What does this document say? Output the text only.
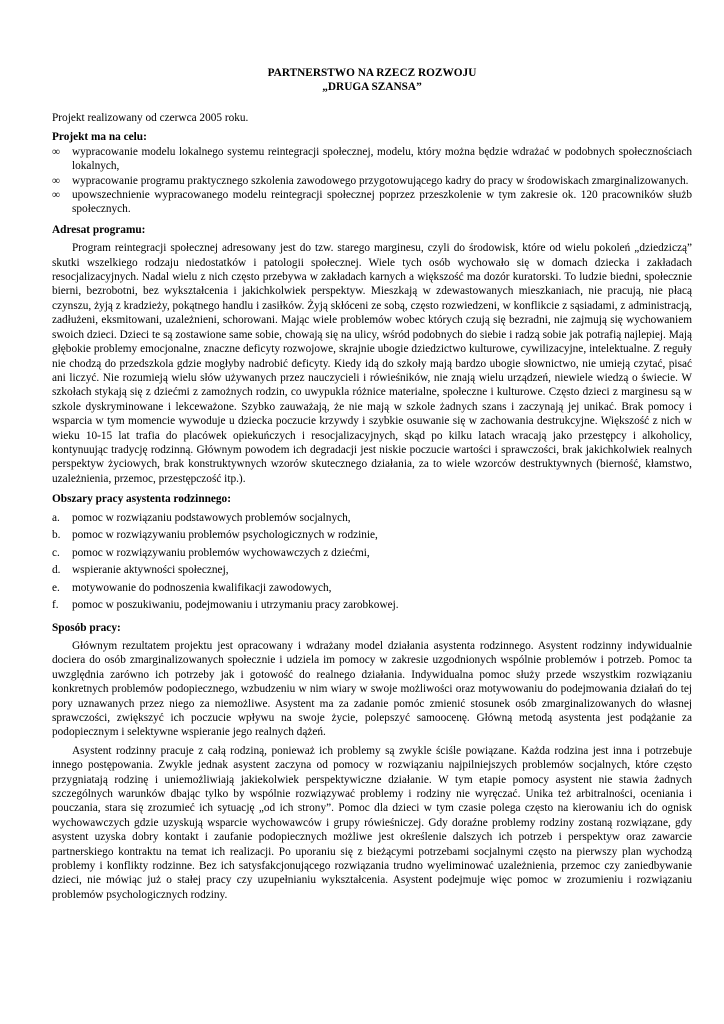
PARTNERSTWO NA RZECZ ROZWOJU
„DRUGA SZANSA”

Projekt realizowany od czerwca 2005 roku.

Projekt ma na celu:

∞ wypracowanie modelu lokalnego systemu reintegracji społecznej, modelu, który można będzie wdrażać w podobnych społecznościach lokalnych,
∞ wypracowanie programu praktycznego szkolenia zawodowego przygotowującego kadry do pracy w środowiskach zmarginalizowanych.
∞ upowszechnienie wypracowanego modelu reintegracji społecznej poprzez przeszkolenie w tym zakresie ok. 120 pracowników służb społecznych.

Adresat programu:

Program reintegracji społecznej adresowany jest do tzw. starego marginesu, czyli do środowisk, które od wielu pokoleń „dziedziczą” skutki wszelkiego rodzaju niedostatków i patologii społecznej. Wiele tych osób wychowało się w domach dziecka i zakładach resocjalizacyjnych. Nadal wielu z nich często przebywa w zakładach karnych a większość ma dozór kuratorski. To ludzie biedni, społecznie bierni, bezrobotni, bez wykształcenia i jakichkolwiek perspektyw. Mieszkają w zdewastowanych mieszkaniach, nie pracują, nie płacą czynszu, żyją z kradzieży, pokątnego handlu i zasiłków. Żyją skłóceni ze sobą, często rozwiedzeni, w konflikcie z sąsiadami, z administracją, zadłużeni, eksmitowani, uzależnieni, schorowani. Mając wiele problemów wobec których czują się bezradni, nie zajmują się wychowaniem swoich dzieci. Dzieci te są zostawione same sobie, chowają się na ulicy, wśród podobnych do siebie i radzą sobie jak potrafią najlepiej. Mają głębokie problemy emocjonalne, znaczne deficyty rozwojowe, skrajnie ubogie dziedzictwo kulturowe, cywilizacyjne, intelektualne. Z reguły nie chodzą do przedszkola gdzie mogłyby nadrobić deficyty. Kiedy idą do szkoły mają bardzo ubogie słownictwo, nie umieją czytać, pisać ani liczyć. Nie rozumieją wielu słów używanych przez nauczycieli i rówieśników, nie znają wielu urządzeń, niewiele wiedzą o świecie. W szkołach stykają się z dziećmi z zamożnych rodzin, co uwypukla różnice materialne, społeczne i kulturowe. Często dzieci z marginesu są w szkole dyskryminowane i lekceważone. Szybko zauważają, że nie mają w szkole żadnych szans i zaczynają jej unikać. Brak pomocy i wsparcia w tym momencie wywoduje u dziecka poczucie krzywdy i szybkie osuwanie się w zachowania destrukcyjne. Większość z nich w wieku 10-15 lat trafia do placówek opiekuńczych i resocjalizacyjnych, skąd po kilku latach wracają jako przestępcy i alkoholicy, kontynuując tradycję rodzinną. Głównym powodem ich degradacji jest niskie poczucie wartości i sprawczości, brak jakichkolwiek realnych perspektyw życiowych, brak konstruktywnych wzorów skutecznego działania, za to wiele wzorców destruktywnych (bierność, kłamstwo, uzależnienia, przemoc, przestępczość itp.).

Obszary pracy asystenta rodzinnego:

a. pomoc w rozwiązaniu podstawowych problemów socjalnych,
b. pomoc w rozwiązywaniu problemów psychologicznych w rodzinie,
c. pomoc w rozwiązywaniu problemów wychowawczych z dziećmi,
d. wspieranie aktywności społecznej,
e. motywowanie do podnoszenia kwalifikacji zawodowych,
f. pomoc w poszukiwaniu, podejmowaniu i utrzymaniu pracy zarobkowej.

Sposób pracy:

Głównym rezultatem projektu jest opracowany i wdrażany model działania asystenta rodzinnego. Asystent rodzinny indywidualnie dociera do osób zmarginalizowanych społecznie i udziela im pomocy w zakresie uzgodnionych wspólnie problemów i potrzeb. Pomoc ta uwzględnia zarówno ich potrzeby jak i gotowość do realnego działania. Indywidualna pomoc służy przede wszystkim rozwiązaniu konkretnych problemów podopiecznego, wzbudzeniu w nim wiary w swoje możliwości oraz motywowaniu do podejmowania działań do tej pory uznawanych przez niego za niemożliwe. Asystent ma za zadanie pomóc zmienić stosunek osób zmarginalizowanych do własnej sprawczości, zwiększyć ich poczucie wpływu na swoje życie, polepszyć samoocenę. Główną metodą asystenta jest podążanie za podopiecznym i selektywne wspieranie jego realnych dążeń.

Asystent rodzinny pracuje z całą rodziną, ponieważ ich problemy są zwykle ściśle powiązane. Każda rodzina jest inna i potrzebuje innego postępowania. Zwykle jednak asystent zaczyna od pomocy w rozwiązaniu najpilniejszych problemów socjalnych, które często przygniatają rodzinę i uniemożliwiają jakiekolwiek perspektywiczne działanie. W tym etapie pomocy asystent nie stawia żadnych szczególnych warunków dbając tylko by wspólnie rozwiązywać problemy i rodziny nie wyręczać. Unika też arbitralności, oceniania i pouczania, stara się zrozumieć ich sytuację „od ich strony”. Pomoc dla dzieci w tym czasie polega często na kierowaniu ich do ognisk wychowawczych gdzie uzyskują wsparcie wychowawców i grupy rówieśniczej. Gdy doraźne problemy rodziny zostaną rozwiązane, gdy asystent uzyska dobry kontakt i zaufanie podopiecznych możliwe jest określenie dalszych ich potrzeb i perspektyw oraz zawarcie partnerskiego kontraktu na temat ich realizacji. Po uporaniu się z bieżącymi potrzebami socjalnymi często na pierwszy plan wychodzą problemy i konflikty rodzinne. Bez ich satysfakcjonującego rozwiązania trudno wyeliminować uzależnienia, przemoc czy zaniedbywanie dzieci, nie mówiąc już o stałej pracy czy uzupełnianiu wykształcenia. Asystent podejmuje więc pomoc w zrozumieniu i rozwiązaniu problemów psychologicznych rodziny.
